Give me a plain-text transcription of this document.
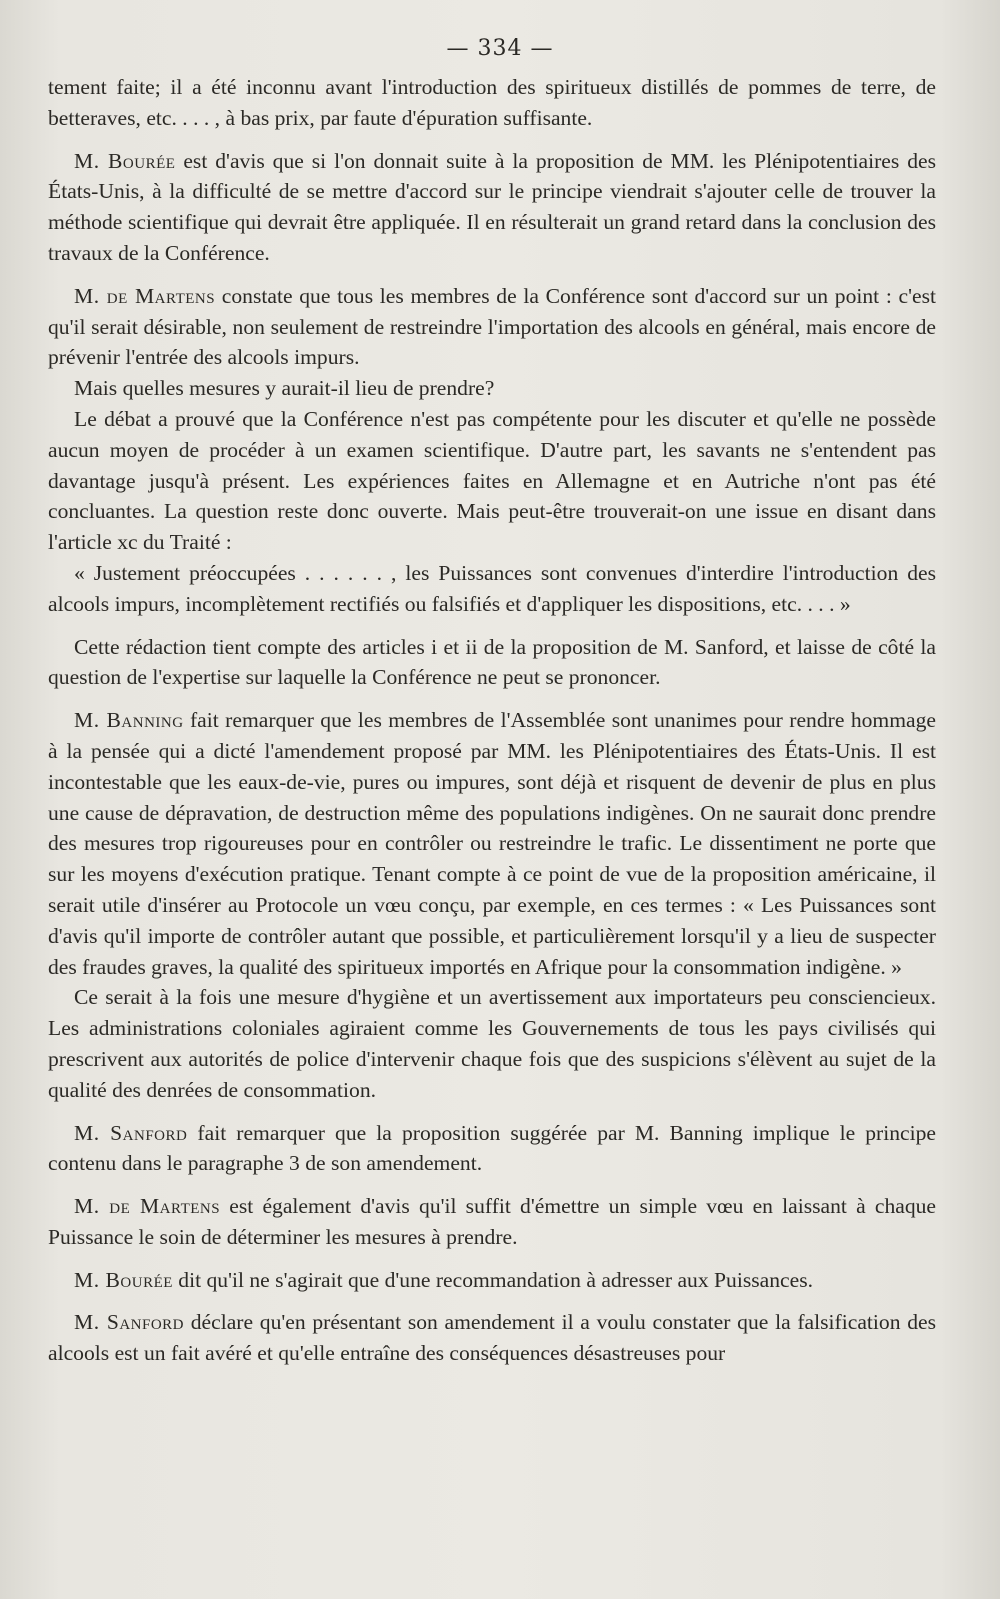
— 334 —

tement faite; il a été inconnu avant l'introduction des spiritueux distillés de pommes de terre, de betteraves, etc. . . . , à bas prix, par faute d'épuration suffisante.

M. Bourée est d'avis que si l'on donnait suite à la proposition de MM. les Plénipotentiaires des États-Unis, à la difficulté de se mettre d'accord sur le principe viendrait s'ajouter celle de trouver la méthode scientifique qui devrait être appliquée. Il en résulterait un grand retard dans la conclusion des travaux de la Conférence.

M. de Martens constate que tous les membres de la Conférence sont d'accord sur un point : c'est qu'il serait désirable, non seulement de restreindre l'importation des alcools en général, mais encore de prévenir l'entrée des alcools impurs.

Mais quelles mesures y aurait-il lieu de prendre?

Le débat a prouvé que la Conférence n'est pas compétente pour les discuter et qu'elle ne possède aucun moyen de procéder à un examen scientifique. D'autre part, les savants ne s'entendent pas davantage jusqu'à présent. Les expériences faites en Allemagne et en Autriche n'ont pas été concluantes. La question reste donc ouverte. Mais peut-être trouverait-on une issue en disant dans l'article xc du Traité :

« Justement préoccupées . . . . . . , les Puissances sont convenues d'interdire l'introduction des alcools impurs, incomplètement rectifiés ou falsifiés et d'appliquer les dispositions, etc. . . . »

Cette rédaction tient compte des articles i et ii de la proposition de M. Sanford, et laisse de côté la question de l'expertise sur laquelle la Conférence ne peut se prononcer.

M. Banning fait remarquer que les membres de l'Assemblée sont unanimes pour rendre hommage à la pensée qui a dicté l'amendement proposé par MM. les Plénipotentiaires des États-Unis. Il est incontestable que les eaux-de-vie, pures ou impures, sont déjà et risquent de devenir de plus en plus une cause de dépravation, de destruction même des populations indigènes. On ne saurait donc prendre des mesures trop rigoureuses pour en contrôler ou restreindre le trafic. Le dissentiment ne porte que sur les moyens d'exécution pratique. Tenant compte à ce point de vue de la proposition américaine, il serait utile d'insérer au Protocole un vœu conçu, par exemple, en ces termes : « Les Puissances sont d'avis qu'il importe de contrôler autant que possible, et particulièrement lorsqu'il y a lieu de suspecter des fraudes graves, la qualité des spiritueux importés en Afrique pour la consommation indigène. »

Ce serait à la fois une mesure d'hygiène et un avertissement aux importateurs peu consciencieux. Les administrations coloniales agiraient comme les Gouvernements de tous les pays civilisés qui prescrivent aux autorités de police d'intervenir chaque fois que des suspicions s'élèvent au sujet de la qualité des denrées de consommation.

M. Sanford fait remarquer que la proposition suggérée par M. Banning implique le principe contenu dans le paragraphe 3 de son amendement.

M. de Martens est également d'avis qu'il suffit d'émettre un simple vœu en laissant à chaque Puissance le soin de déterminer les mesures à prendre.

M. Bourée dit qu'il ne s'agirait que d'une recommandation à adresser aux Puissances.

M. Sanford déclare qu'en présentant son amendement il a voulu constater que la falsification des alcools est un fait avéré et qu'elle entraîne des conséquences désastreuses pour
